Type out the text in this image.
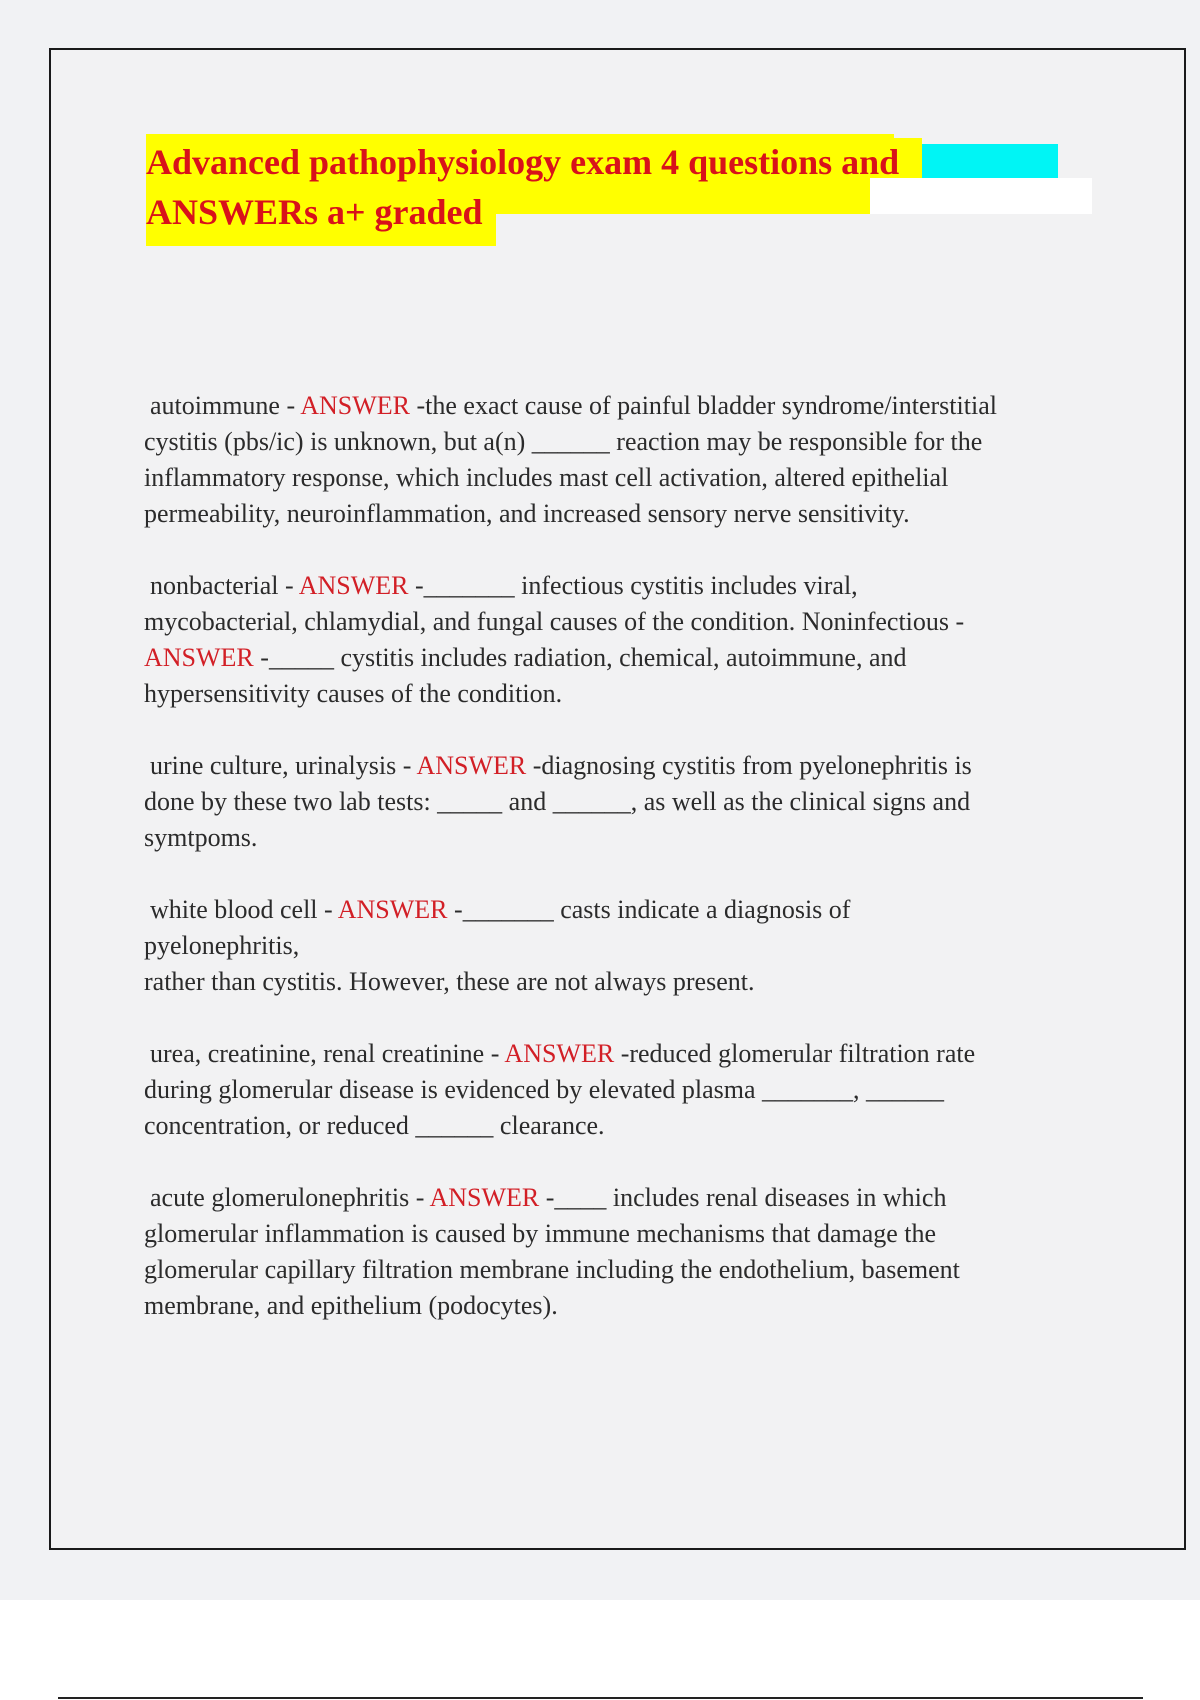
Advanced pathophysiology exam 4 questions and
ANSWERs a+ graded
autoimmune - ANSWER -the exact cause of painful bladder syndrome/interstitial
cystitis (pbs/ic) is unknown, but a(n) ______ reaction may be responsible for the
inflammatory response, which includes mast cell activation, altered epithelial
permeability, neuroinflammation, and increased sensory nerve sensitivity.
nonbacterial - ANSWER -_______ infectious cystitis includes viral,
mycobacterial, chlamydial, and fungal causes of the condition. Noninfectious -
ANSWER -_____ cystitis includes radiation, chemical, autoimmune, and
hypersensitivity causes of the condition.
urine culture, urinalysis - ANSWER -diagnosing cystitis from pyelonephritis is
done by these two lab tests: _____ and ______, as well as the clinical signs and
symtpoms.
white blood cell - ANSWER -_______ casts indicate a diagnosis of
pyelonephritis,
rather than cystitis. However, these are not always present.
urea, creatinine, renal creatinine - ANSWER -reduced glomerular filtration rate
during glomerular disease is evidenced by elevated plasma _______, ______
concentration, or reduced ______ clearance.
acute glomerulonephritis - ANSWER -____ includes renal diseases in which
glomerular inflammation is caused by immune mechanisms that damage the
glomerular capillary filtration membrane including the endothelium, basement
membrane, and epithelium (podocytes).
